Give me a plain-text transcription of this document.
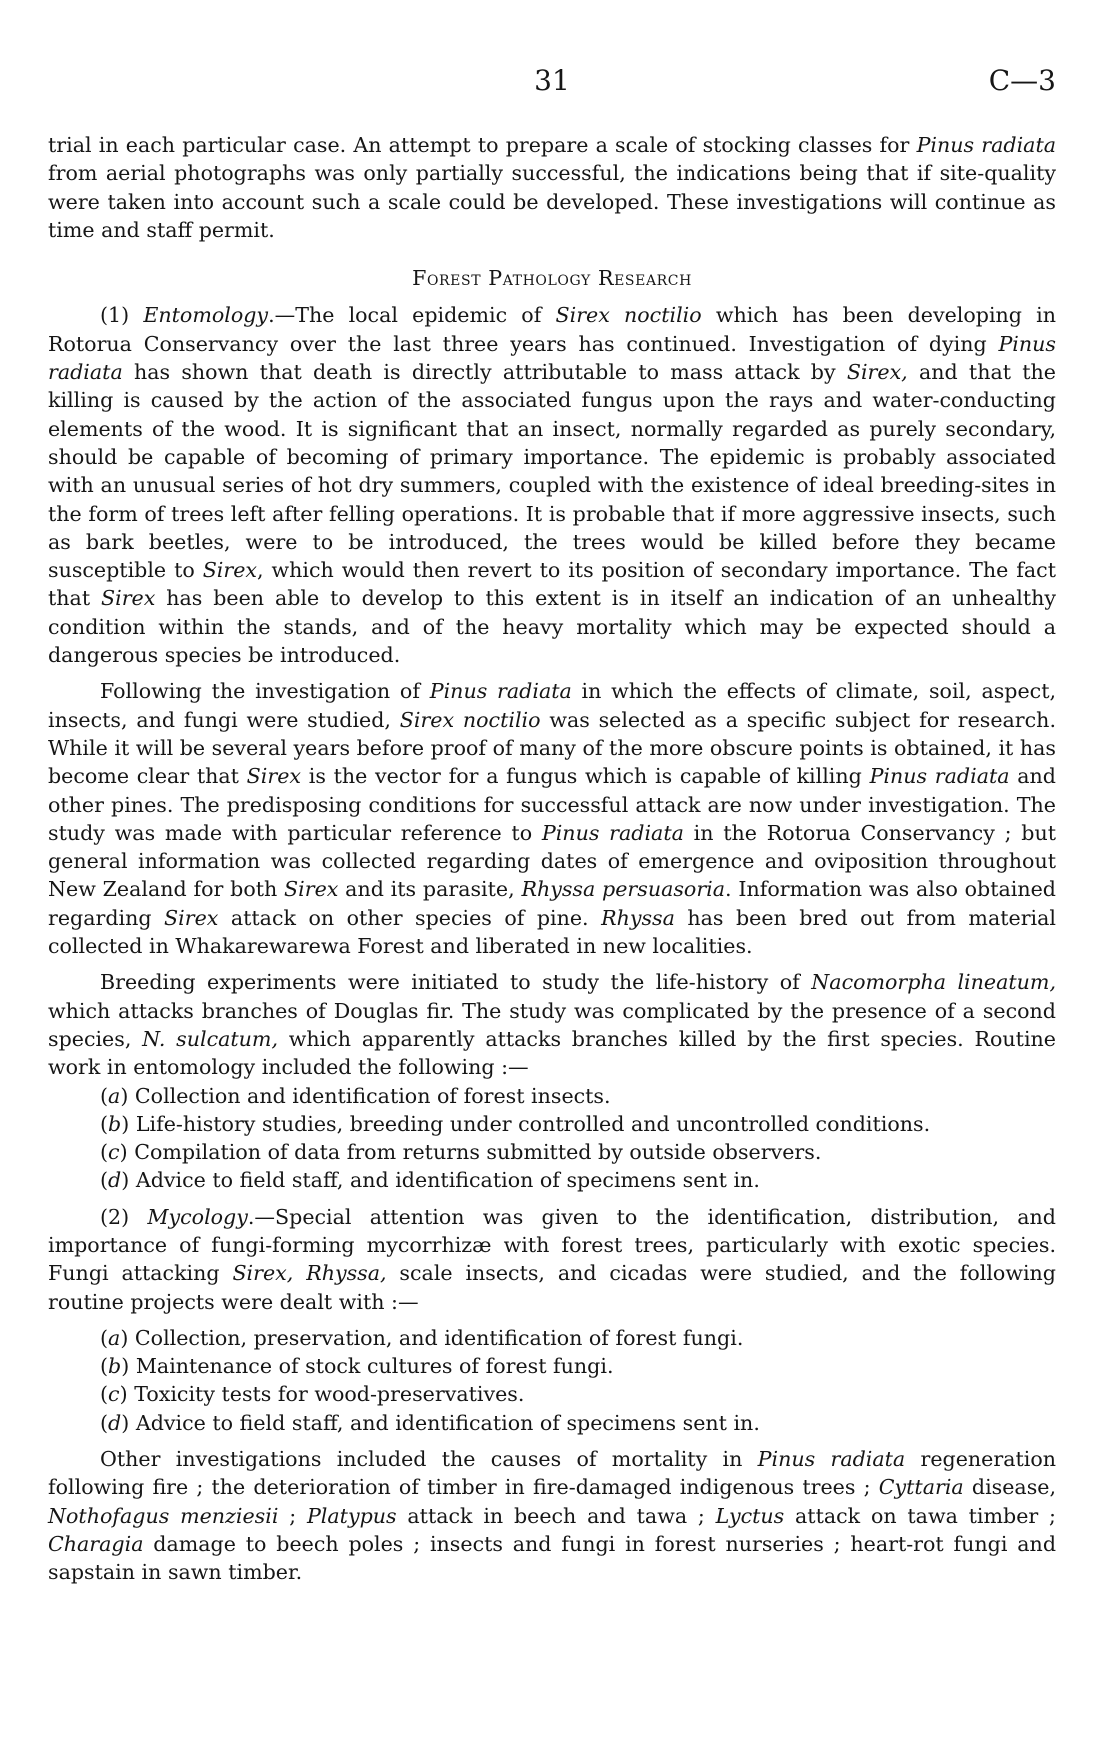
31	C—3

trial in each particular case. An attempt to prepare a scale of stocking classes for Pinus radiata from aerial photographs was only partially successful, the indications being that if site-quality were taken into account such a scale could be developed. These investigations will continue as time and staff permit.

Forest Pathology Research

(1) Entomology.—The local epidemic of Sirex noctilio which has been developing in Rotorua Conservancy over the last three years has continued. Investigation of dying Pinus radiata has shown that death is directly attributable to mass attack by Sirex, and that the killing is caused by the action of the associated fungus upon the rays and water-conducting elements of the wood. It is significant that an insect, normally regarded as purely secondary, should be capable of becoming of primary importance. The epidemic is probably associated with an unusual series of hot dry summers, coupled with the existence of ideal breeding-sites in the form of trees left after felling operations. It is probable that if more aggressive insects, such as bark beetles, were to be introduced, the trees would be killed before they became susceptible to Sirex, which would then revert to its position of secondary importance. The fact that Sirex has been able to develop to this extent is in itself an indication of an unhealthy condition within the stands, and of the heavy mortality which may be expected should a dangerous species be introduced.

Following the investigation of Pinus radiata in which the effects of climate, soil, aspect, insects, and fungi were studied, Sirex noctilio was selected as a specific subject for research. While it will be several years before proof of many of the more obscure points is obtained, it has become clear that Sirex is the vector for a fungus which is capable of killing Pinus radiata and other pines. The predisposing conditions for successful attack are now under investigation. The study was made with particular reference to Pinus radiata in the Rotorua Conservancy ; but general information was collected regarding dates of emergence and oviposition throughout New Zealand for both Sirex and its parasite, Rhyssa persuasoria. Information was also obtained regarding Sirex attack on other species of pine. Rhyssa has been bred out from material collected in Whakarewarewa Forest and liberated in new localities.

Breeding experiments were initiated to study the life-history of Nacomorpha lineatum, which attacks branches of Douglas fir. The study was complicated by the presence of a second species, N. sulcatum, which apparently attacks branches killed by the first species. Routine work in entomology included the following :—

(a) Collection and identification of forest insects.
(b) Life-history studies, breeding under controlled and uncontrolled conditions.
(c) Compilation of data from returns submitted by outside observers.
(d) Advice to field staff, and identification of specimens sent in.

(2) Mycology.—Special attention was given to the identification, distribution, and importance of fungi-forming mycorrhizæ with forest trees, particularly with exotic species. Fungi attacking Sirex, Rhyssa, scale insects, and cicadas were studied, and the following routine projects were dealt with :—

(a) Collection, preservation, and identification of forest fungi.
(b) Maintenance of stock cultures of forest fungi.
(c) Toxicity tests for wood-preservatives.
(d) Advice to field staff, and identification of specimens sent in.

Other investigations included the causes of mortality in Pinus radiata regeneration following fire ; the deterioration of timber in fire-damaged indigenous trees ; Cyttaria disease, Nothofagus menziesii ; Platypus attack in beech and tawa ; Lyctus attack on tawa timber ; Charagia damage to beech poles ; insects and fungi in forest nurseries ; heart-rot fungi and sapstain in sawn timber.
